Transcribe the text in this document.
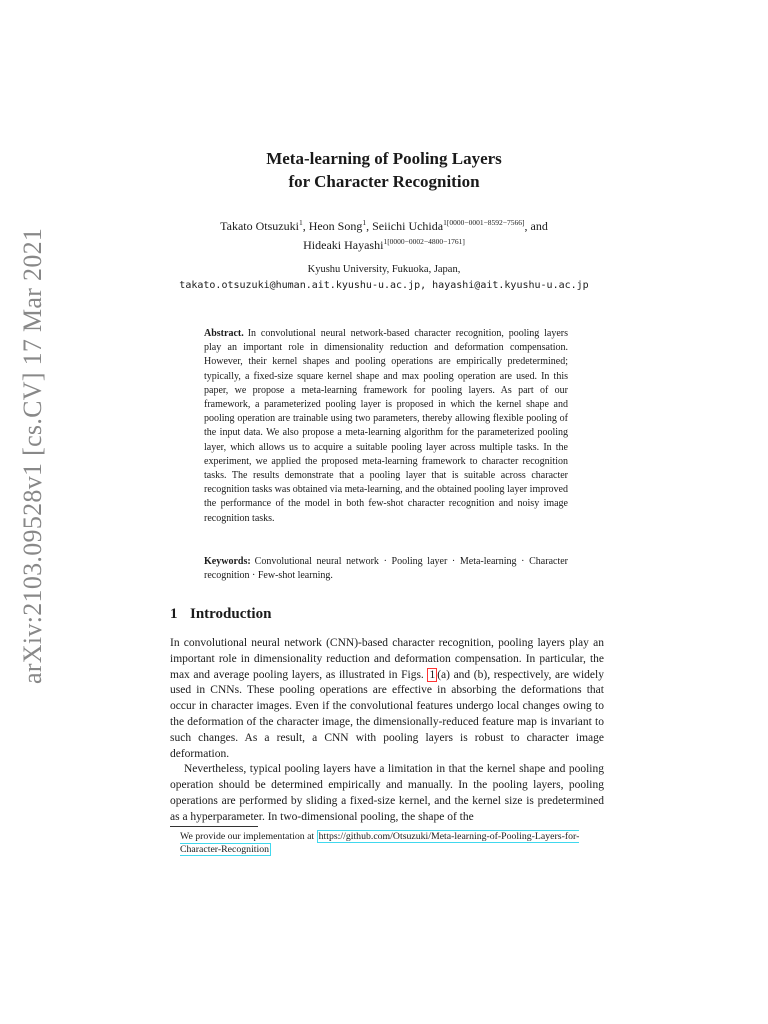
arXiv:2103.09528v1 [cs.CV] 17 Mar 2021
Meta-learning of Pooling Layers
for Character Recognition
Takato Otsuzuki$^1$, Heon Song$^1$, Seiichi Uchida$^{1[0000-0001-8592-7566]}$, and
Hideaki Hayashi$^{1[0000-0002-4800-1761]}$
Kyushu University, Fukuoka, Japan,
takato.otsuzuki@human.ait.kyushu-u.ac.jp, hayashi@ait.kyushu-u.ac.jp
Abstract. In convolutional neural network-based character recognition, pooling layers play an important role in dimensionality reduction and deformation compensation. However, their kernel shapes and pooling operations are empirically predetermined; typically, a fixed-size square kernel shape and max pooling operation are used. In this paper, we propose a meta-learning framework for pooling layers. As part of our framework, a parameterized pooling layer is proposed in which the kernel shape and pooling operation are trainable using two parameters, thereby allowing flexible pooling of the input data. We also propose a meta-learning algorithm for the parameterized pooling layer, which allows us to acquire a suitable pooling layer across multiple tasks. In the experiment, we applied the proposed meta-learning framework to character recognition tasks. The results demonstrate that a pooling layer that is suitable across character recognition tasks was obtained via meta-learning, and the obtained pooling layer improved the performance of the model in both few-shot character recognition and noisy image recognition tasks.
Keywords: Convolutional neural network · Pooling layer · Meta-learning · Character recognition · Few-shot learning.
1 Introduction

In convolutional neural network (CNN)-based character recognition, pooling layers play an important role in dimensionality reduction and deformation compensation. In particular, the max and average pooling layers, as illustrated in Figs. 1 (a) and (b), respectively, are widely used in CNNs. These pooling operations are effective in absorbing the deformations that occur in character images. Even if the convolutional features undergo local changes owing to the deformation of the character image, the dimensionally-reduced feature map is invariant to such changes. As a result, a CNN with pooling layers is robust to character image deformation.

Nevertheless, typical pooling layers have a limitation in that the kernel shape and pooling operation should be determined empirically and manually. In the pooling layers, pooling operations are performed by sliding a fixed-size kernel, and the kernel size is predetermined as a hyperparameter. In two-dimensional pooling, the shape of the

We provide our implementation at https://github.com/Otsuzuki/Meta-learning-of-Pooling-Layers-for-Character-Recognition
